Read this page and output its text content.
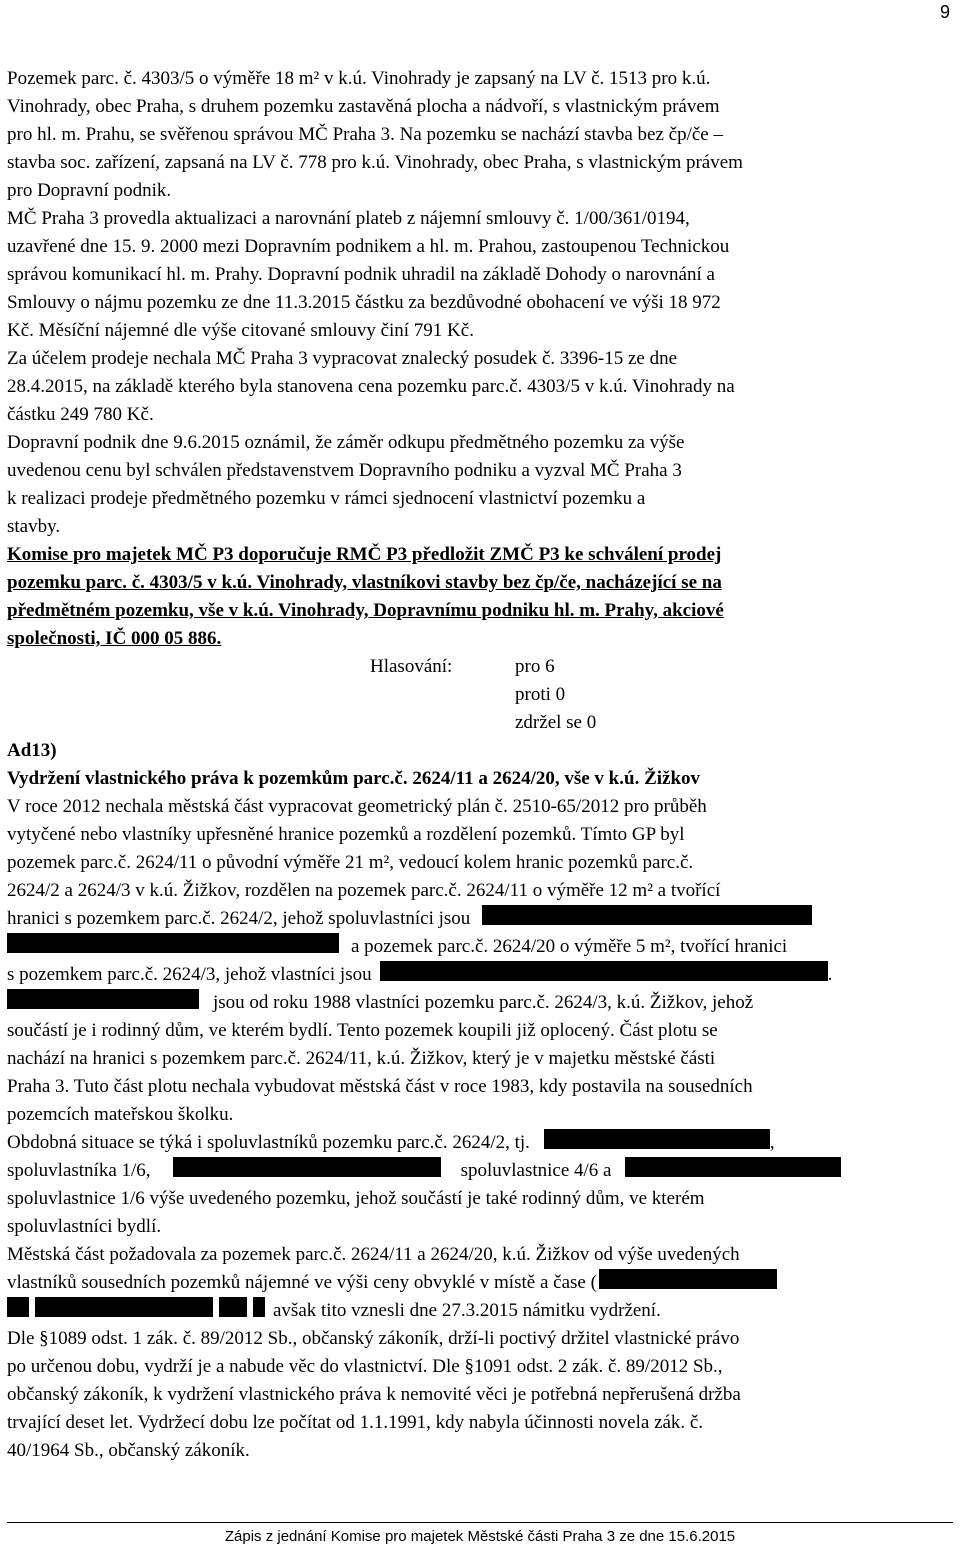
9
Pozemek parc. č. 4303/5 o výměře 18 m² v k.ú. Vinohrady je zapsaný na LV č. 1513 pro k.ú.
Vinohrady, obec Praha, s druhem pozemku zastavěná plocha a nádvoří, s vlastnickým právem
pro hl. m. Prahu, se svěřenou správou MČ Praha 3. Na pozemku se nachází stavba bez čp/če –
stavba soc. zařízení, zapsaná na LV č. 778 pro k.ú. Vinohrady, obec Praha, s vlastnickým právem
pro Dopravní podnik.
MČ Praha 3 provedla aktualizaci a narovnání plateb z nájemní smlouvy č. 1/00/361/0194,
uzavřené dne 15. 9. 2000 mezi Dopravním podnikem a hl. m. Prahou, zastoupenou Technickou
správou komunikací hl. m. Prahy. Dopravní podnik uhradil na základě Dohody o narovnání a
Smlouvy o nájmu pozemku ze dne 11.3.2015 částku za bezdůvodné obohacení ve výši 18 972
Kč. Měsíční nájemné dle výše citované smlouvy činí 791 Kč.
Za účelem prodeje nechala MČ Praha 3 vypracovat znalecký posudek č. 3396-15 ze dne
28.4.2015, na základě kterého byla stanovena cena pozemku parc.č. 4303/5 v k.ú. Vinohrady na
částku 249 780 Kč.
Dopravní podnik dne 9.6.2015 oznámil, že záměr odkupu předmětného pozemku za výše
uvedenou cenu byl schválen představenstvem Dopravního podniku a vyzval MČ Praha 3
k realizaci prodeje předmětného pozemku v rámci sjednocení vlastnictví pozemku a
stavby.
Komise pro majetek MČ P3 doporučuje RMČ P3 předložit ZMČ P3 ke schválení prodej
pozemku parc. č. 4303/5 v k.ú. Vinohrady, vlastníkovi stavby bez čp/če, nacházející se na
předmětném pozemku, vše v k.ú. Vinohrady, Dopravnímu podniku hl. m. Prahy, akciové
společnosti, IČ 000 05 886.
Hlasování:	pro 6
proti 0
zdržel se 0
Ad13)
Vydržení vlastnického práva k pozemkům parc.č. 2624/11 a 2624/20, vše v k.ú. Žižkov
V roce 2012 nechala městská část vypracovat geometrický plán č. 2510-65/2012 pro průběh
vytyčené nebo vlastníky upřesněné hranice pozemků a rozdělení pozemků. Tímto GP byl
pozemek parc.č. 2624/11 o původní výměře 21 m², vedoucí kolem hranic pozemků parc.č.
2624/2 a 2624/3 v k.ú. Žižkov, rozdělen na pozemek parc.č. 2624/11 o výměře 12 m² a tvořící
hranici s pozemkem parc.č. 2624/2, jehož spoluvlastníci jsou
a pozemek parc.č. 2624/20 o výměře 5 m², tvořící hranici
s pozemkem parc.č. 2624/3, jehož vlastníci jsou	.
jsou od roku 1988 vlastníci pozemku parc.č. 2624/3, k.ú. Žižkov, jehož
součástí je i rodinný dům, ve kterém bydlí. Tento pozemek koupili již oplocený. Část plotu se
nachází na hranici s pozemkem parc.č. 2624/11, k.ú. Žižkov, který je v majetku městské části
Praha 3. Tuto část plotu nechala vybudovat městská část v roce 1983, kdy postavila na sousedních
pozemcích mateřskou školku.
Obdobná situace se týká i spoluvlastníků pozemku parc.č. 2624/2, tj.	,
spoluvlastníka 1/6,	spoluvlastnice 4/6 a
spoluvlastnice 1/6 výše uvedeného pozemku, jehož součástí je také rodinný dům, ve kterém
spoluvlastníci bydlí.
Městská část požadovala za pozemek parc.č. 2624/11 a 2624/20, k.ú. Žižkov od výše uvedených
vlastníků sousedních pozemků nájemné ve výši ceny obvyklé v místě a čase (
avšak tito vznesli dne 27.3.2015 námitku vydržení.
Dle §1089 odst. 1 zák. č. 89/2012 Sb., občanský zákoník, drží-li poctivý držitel vlastnické právo
po určenou dobu, vydrží je a nabude věc do vlastnictví. Dle §1091 odst. 2 zák. č. 89/2012 Sb.,
občanský zákoník, k vydržení vlastnického práva k nemovité věci je potřebná nepřerušená držba
trvající deset let. Vydržecí dobu lze počítat od 1.1.1991, kdy nabyla účinnosti novela zák. č.
40/1964 Sb., občanský zákoník.
Zápis z jednání Komise pro majetek Městské části Praha 3 ze dne 15.6.2015
